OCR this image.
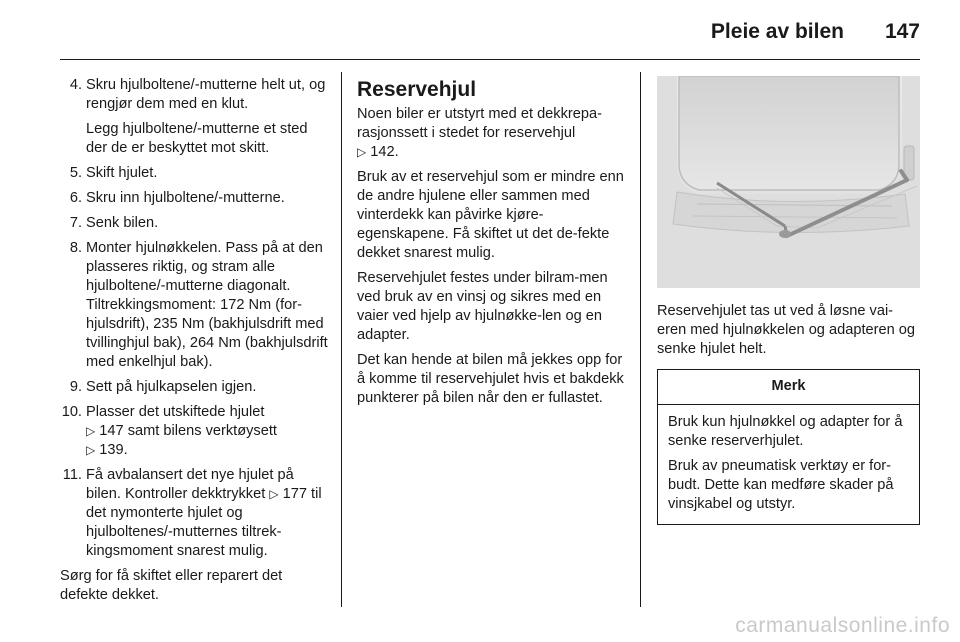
Pleie av bilen 147
4. Skru hjulboltene/-mutterne helt ut, og rengjør dem med en klut.
Legg hjulboltene/-mutterne et sted der de er beskyttet mot skitt.
5. Skift hjulet.
6. Skru inn hjulboltene/-mutterne.
7. Senk bilen.
8. Monter hjulnøkkelen. Pass på at den plasseres riktig, og stram alle hjulboltene/-mutterne diagonalt. Tiltrekkingsmoment: 172 Nm (for-hjulsdrift), 235 Nm (bakhjulsdrift med tvillinghjul bak), 264 Nm (bakhjulsdrift med enkelhjul bak).
9. Sett på hjulkapselen igjen.
10. Plasser det utskiftede hjulet
▷ 147 samt bilens verktøysett
▷ 139.
11. Få avbalansert det nye hjulet på bilen. Kontroller dekktrykket ▷ 177 til det nymonterte hjulet og hjulboltenes/-mutternes tiltrek-kingsmoment snarest mulig.

Sørg for få skiftet eller reparert det defekte dekket.

Reservehjul

Noen biler er utstyrt med et dekkrepa-rasjonssett i stedet for reservehjul
▷ 142.

Bruk av et reservehjul som er mindre enn de andre hjulene eller sammen med vinterdekk kan påvirke kjøre-egenskapene. Få skiftet ut det de-fekte dekket snarest mulig.

Reservehjulet festes under bilram-men ved bruk av en vinsj og sikres med en vaier ved hjelp av hjulnøkke-len og en adapter.

Det kan hende at bilen må jekkes opp for å komme til reservehjulet hvis et bakdekk punkterer på bilen når den er fullastet.

Reservehjulet tas ut ved å løsne vai-eren med hjulnøkkelen og adapteren og senke hjulet helt.

Merk

Bruk kun hjulnøkkel og adapter for å senke reserverhjulet.

Bruk av pneumatisk verktøy er for-budt. Dette kan medføre skader på vinsjkabel og utstyr.

carmanualsonline.info
